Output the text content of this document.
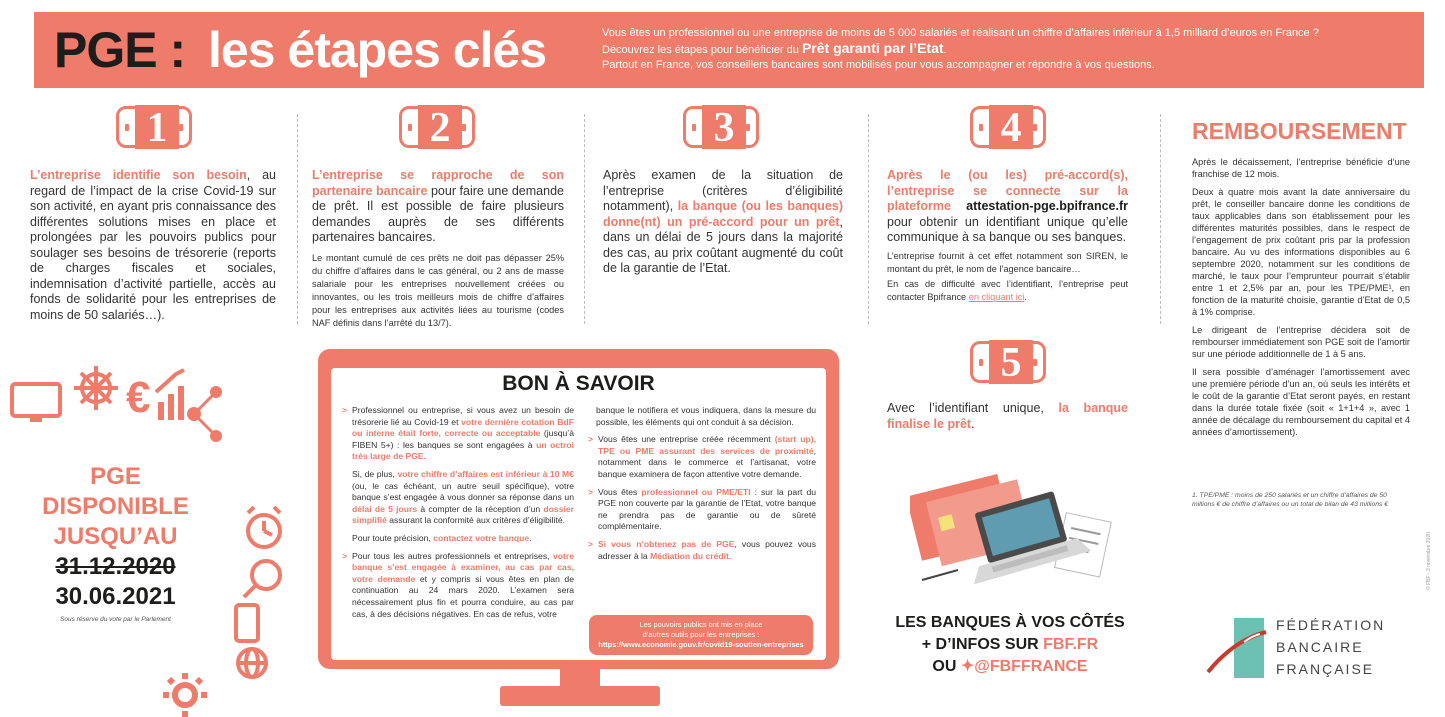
PGE : les étapes clés	Vous êtes un professionnel ou une entreprise de moins de 5 000 salariés et réalisant un chiffre d’affaires inférieur à 1,5 milliard d’euros en France ?
Découvrez les étapes pour bénéficier du Prêt garanti par l’Etat.
Partout en France, vos conseillers bancaires sont mobilisés pour vous accompagner et répondre à vos questions.
1
L’entreprise identifie son besoin, au regard de l’impact de la crise Covid-19 sur son activité, en ayant pris connaissance des différentes solutions mises en place et prolongées par les pouvoirs publics pour soulager ses besoins de trésorerie (reports de charges fiscales et sociales, indemnisation d’activité partielle, accès au fonds de solidarité pour les entreprises de moins de 50 salariés…).
2
L’entreprise se rapproche de son partenaire bancaire pour faire une demande de prêt. Il est possible de faire plusieurs demandes auprès de ses différents partenaires bancaires.
Le montant cumulé de ces prêts ne doit pas dépasser 25% du chiffre d’affaires dans le cas général, ou 2 ans de masse salariale pour les entreprises nouvellement créées ou innovantes, ou les trois meilleurs mois de chiffre d’affaires pour les entreprises aux activités liées au tourisme (codes NAF définis dans l’arrêté du 13/7).
3
Après examen de la situation de l’entreprise (critères d’éligibilité notamment), la banque (ou les banques) donne(nt) un pré-accord pour un prêt, dans un délai de 5 jours dans la majorité des cas, au prix coûtant augmenté du coût de la garantie de l’Etat.
4
Après le (ou les) pré-accord(s), l’entreprise se connecte sur la plateforme attestation-pge.bpifrance.fr pour obtenir un identifiant unique qu’elle communique à sa banque ou ses banques.
L’entreprise fournit à cet effet notamment son SIREN, le montant du prêt, le nom de l’agence bancaire…
En cas de difficulté avec l’identifiant, l’entreprise peut contacter Bpifrance en cliquant ici.
5
Avec l’identifiant unique, la banque finalise le prêt.
REMBOURSEMENT

Après le décaissement, l’entreprise bénéficie d’une franchise de 12 mois.

Deux à quatre mois avant la date anniversaire du prêt, le conseiller bancaire donne les conditions de taux applicables dans son établissement pour les différentes maturités possibles, dans le respect de l’engagement de prix coûtant pris par la profession bancaire. Au vu des informations disponibles au 6 septembre 2020, notamment sur les conditions de marché, le taux pour l’emprunteur pourrait s’établir entre 1 et 2,5% par an, pour les TPE/PME¹, en fonction de la maturité choisie, garantie d’Etat de 0,5 à 1% comprise.

Le dirigeant de l’entreprise décidera soit de rembourser immédiatement son PGE soit de l’amortir sur une période additionnelle de 1 à 5 ans.

Il sera possible d’aménager l’amortissement avec une première période d’un an, où seuls les intérêts et le coût de la garantie d’Etat seront payés, en restant dans la durée totale fixée (soit « 1+1+4 », avec 1 année de décalage du remboursement du capital et 4 années d’amortissement).

1. TPE/PME : moins de 250 salariés et un chiffre d’affaires de 50 millions € de chiffre d’affaires ou un total de bilan de 43 millions €
€
PGE
DISPONIBLE
JUSQU’AU
31.12.2020
30.06.2021
Sous réserve du vote par le Parlement
BON À SAVOIR
> Professionnel ou entreprise, si vous avez un besoin de trésorerie lié au Covid-19 et votre dernière cotation BdF ou interne était forte, correcte ou acceptable (jusqu’à FIBEN 5+) : les banques se sont engagées à un octroi très large de PGE.
Si, de plus, votre chiffre d’affaires est inférieur à 10 M€ (ou, le cas échéant, un autre seuil spécifique), votre banque s’est engagée à vous donner sa réponse dans un délai de 5 jours à compter de la réception d’un dossier simplifié assurant la conformité aux critères d’éligibilité.
Pour toute précision, contactez votre banque.
> Pour tous les autres professionnels et entreprises, votre banque s’est engagée à examiner, au cas par cas, votre demande et y compris si vous êtes en plan de continuation au 24 mars 2020. L’examen sera nécessairement plus fin et pourra conduire, au cas par cas, à des décisions négatives. En cas de refus, votre
banque le notifiera et vous indiquera, dans la mesure du possible, les éléments qui ont conduit à sa décision.
> Vous êtes une entreprise créée récemment (start up), TPE ou PME assurant des services de proximité, notamment dans le commerce et l’artisanat, votre banque examinera de façon attentive votre demande.
> Vous êtes professionnel ou PME/ETI : sur la part du PGE non couverte par la garantie de l’Etat, votre banque ne prendra pas de garantie ou de sûreté complémentaire.
> Si vous n’obtenez pas de PGE, vous pouvez vous adresser à la Médiation du crédit.
Les pouvoirs publics ont mis en place
d’autres outils pour les entreprises :
https://www.economie.gouv.fr/covid19-soutien-entreprises
LES BANQUES À VOS CÔTÉS
+ D’INFOS SUR FBF.FR
OU ✦@FBFFRANCE
FÉDÉRATION
BANCAIRE
FRANÇAISE
© FBF - 3 novembre 2020
